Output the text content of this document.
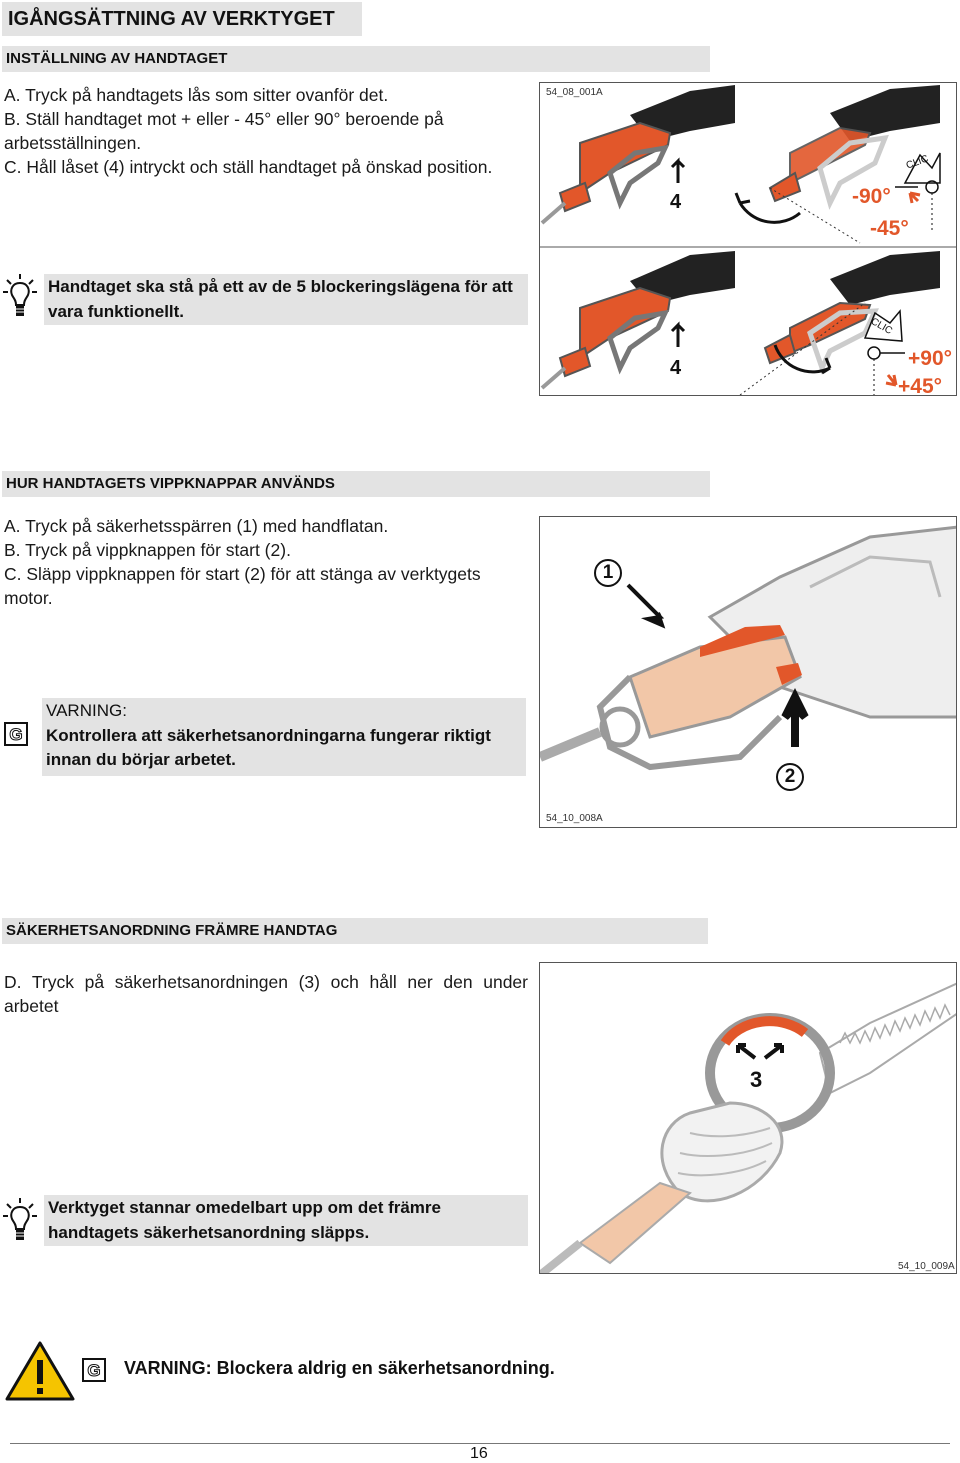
IGÅNGSÄTTNING AV VERKTYGET
INSTÄLLNING AV HANDTAGET

A. Tryck på handtagets lås som sitter ovanför det.

B. Ställ handtaget mot + eller - 45° eller 90° beroende på arbetsställningen.

C. Håll låset (4) intryckt och ställ handtaget på önskad position.

Handtaget ska stå på ett av de 5 blockeringslägena för att vara funktionellt.
54_08_001A
4
4
CLIC
CLIC
-90°
-45°
+90°
+45°
HUR HANDTAGETS VIPPKNAPPAR ANVÄNDS

A. Tryck på säkerhetsspärren (1) med handflatan.

B. Tryck på vippknappen för start (2).

C. Släpp vippknappen för start (2) för att stänga av verktygets motor.

G
VARNING:
Kontrollera att säkerhetsanordningarna fungerar riktigt innan du börjar arbetet.
1
2
54_10_008A
SÄKERHETSANORDNING FRÄMRE HANDTAG

D. Tryck på säkerhetsanordningen (3) och håll ner den under arbetet

Verktyget stannar omedelbart upp om det främre handtagets säkerhetsanordning släpps.
3
54_10_009A
G VARNING: Blockera aldrig en säkerhetsanordning.
16
